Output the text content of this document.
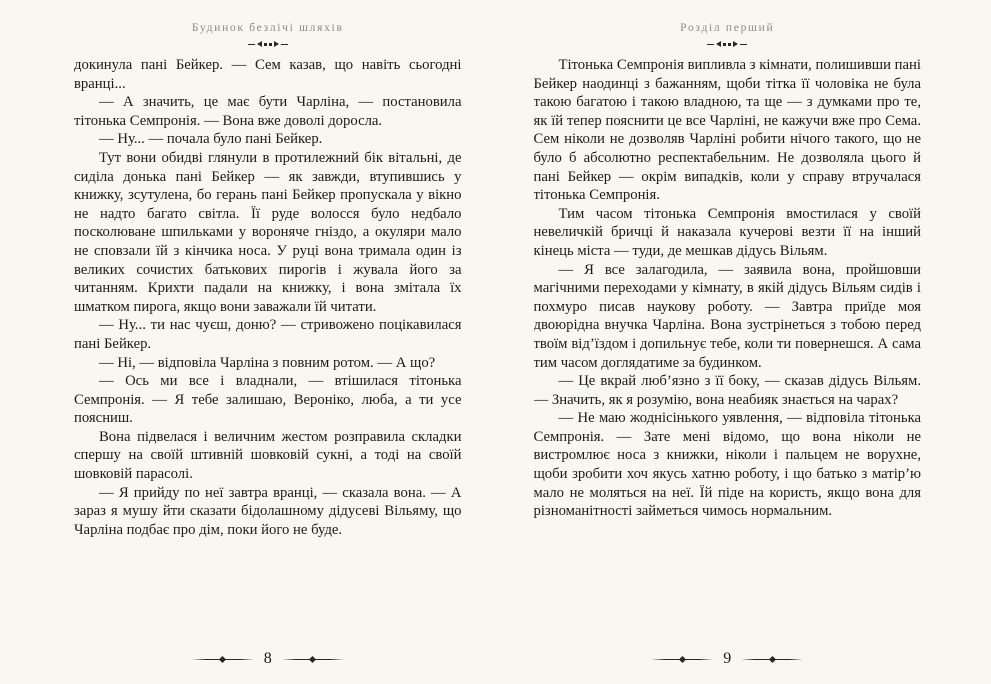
Будинок безлічі шляхів

докинула пані Бейкер. — Сем казав, що навіть сьогодні вранці...

— А значить, це має бути Чарліна, — постановила тітонька Семпронія. — Вона вже доволі доросла.

— Ну... — почала було пані Бейкер.

Тут вони обидві глянули в протилежний бік вітальні, де сиділа донька пані Бейкер — як завжди, втупившись у книжку, зсутулена, бо герань пані Бейкер пропускала у вікно не надто багато світла. Її руде волосся було недбало посколюване шпильками у вороняче гніздо, а окуляри мало не сповзали їй з кінчика носа. У руці вона тримала один із великих сочистих батькових пирогів і жувала його за читанням. Крихти падали на книжку, і вона змітала їх шматком пирога, якщо вони заважали їй читати.

— Ну... ти нас чуєш, доню? — стривожено поцікавилася пані Бейкер.

— Ні, — відповіла Чарліна з повним ротом. — А що?

— Ось ми все і владнали, — втішилася тітонька Семпронія. — Я тебе залишаю, Вероніко, люба, а ти усе поясниш.

Вона підвелася і величним жестом розправила складки спершу на своїй штивній шовковій сукні, а тоді на своїй шовковій парасолі.

— Я прийду по неї завтра вранці, — сказала вона. — А зараз я мушу йти сказати бідолашному дідусеві Вільяму, що Чарліна подбає про дім, поки його не буде.

8
Розділ перший

Тітонька Семпронія випливла з кімнати, полишивши пані Бейкер наодинці з бажанням, щоби тітка її чоловіка не була такою багатою і такою владною, та ще — з думками про те, як їй тепер пояснити це все Чарліні, не кажучи вже про Сема. Сем ніколи не дозволяв Чарліні робити нічого такого, що не було б абсолютно респектабельним. Не дозволяла цього й пані Бейкер — окрім випадків, коли у справу втручалася тітонька Семпронія.

Тим часом тітонька Семпронія вмостилася у своїй невеличкій бричці й наказала кучерові везти її на інший кінець міста — туди, де мешкав дідусь Вільям.

— Я все залагодила, — заявила вона, пройшовши магічними переходами у кімнату, в якій дідусь Вільям сидів і похмуро писав наукову роботу. — Завтра приїде моя двоюрідна внучка Чарліна. Вона зустрінеться з тобою перед твоїм від’їздом і допильнує тебе, коли ти повернешся. А сама тим часом доглядатиме за будинком.

— Це вкрай люб’язно з її боку, — сказав дідусь Вільям. — Значить, як я розумію, вона неабияк знається на чарах?

— Не маю жоднісінького уявлення, — відповіла тітонька Семпронія. — Зате мені відомо, що вона ніколи не вистромлює носа з книжки, ніколи і пальцем не ворухне, щоби зробити хоч якусь хатню роботу, і що батько з матір’ю мало не моляться на неї. Їй піде на користь, якщо вона для різноманітності займеться чимось нормальним.

9
